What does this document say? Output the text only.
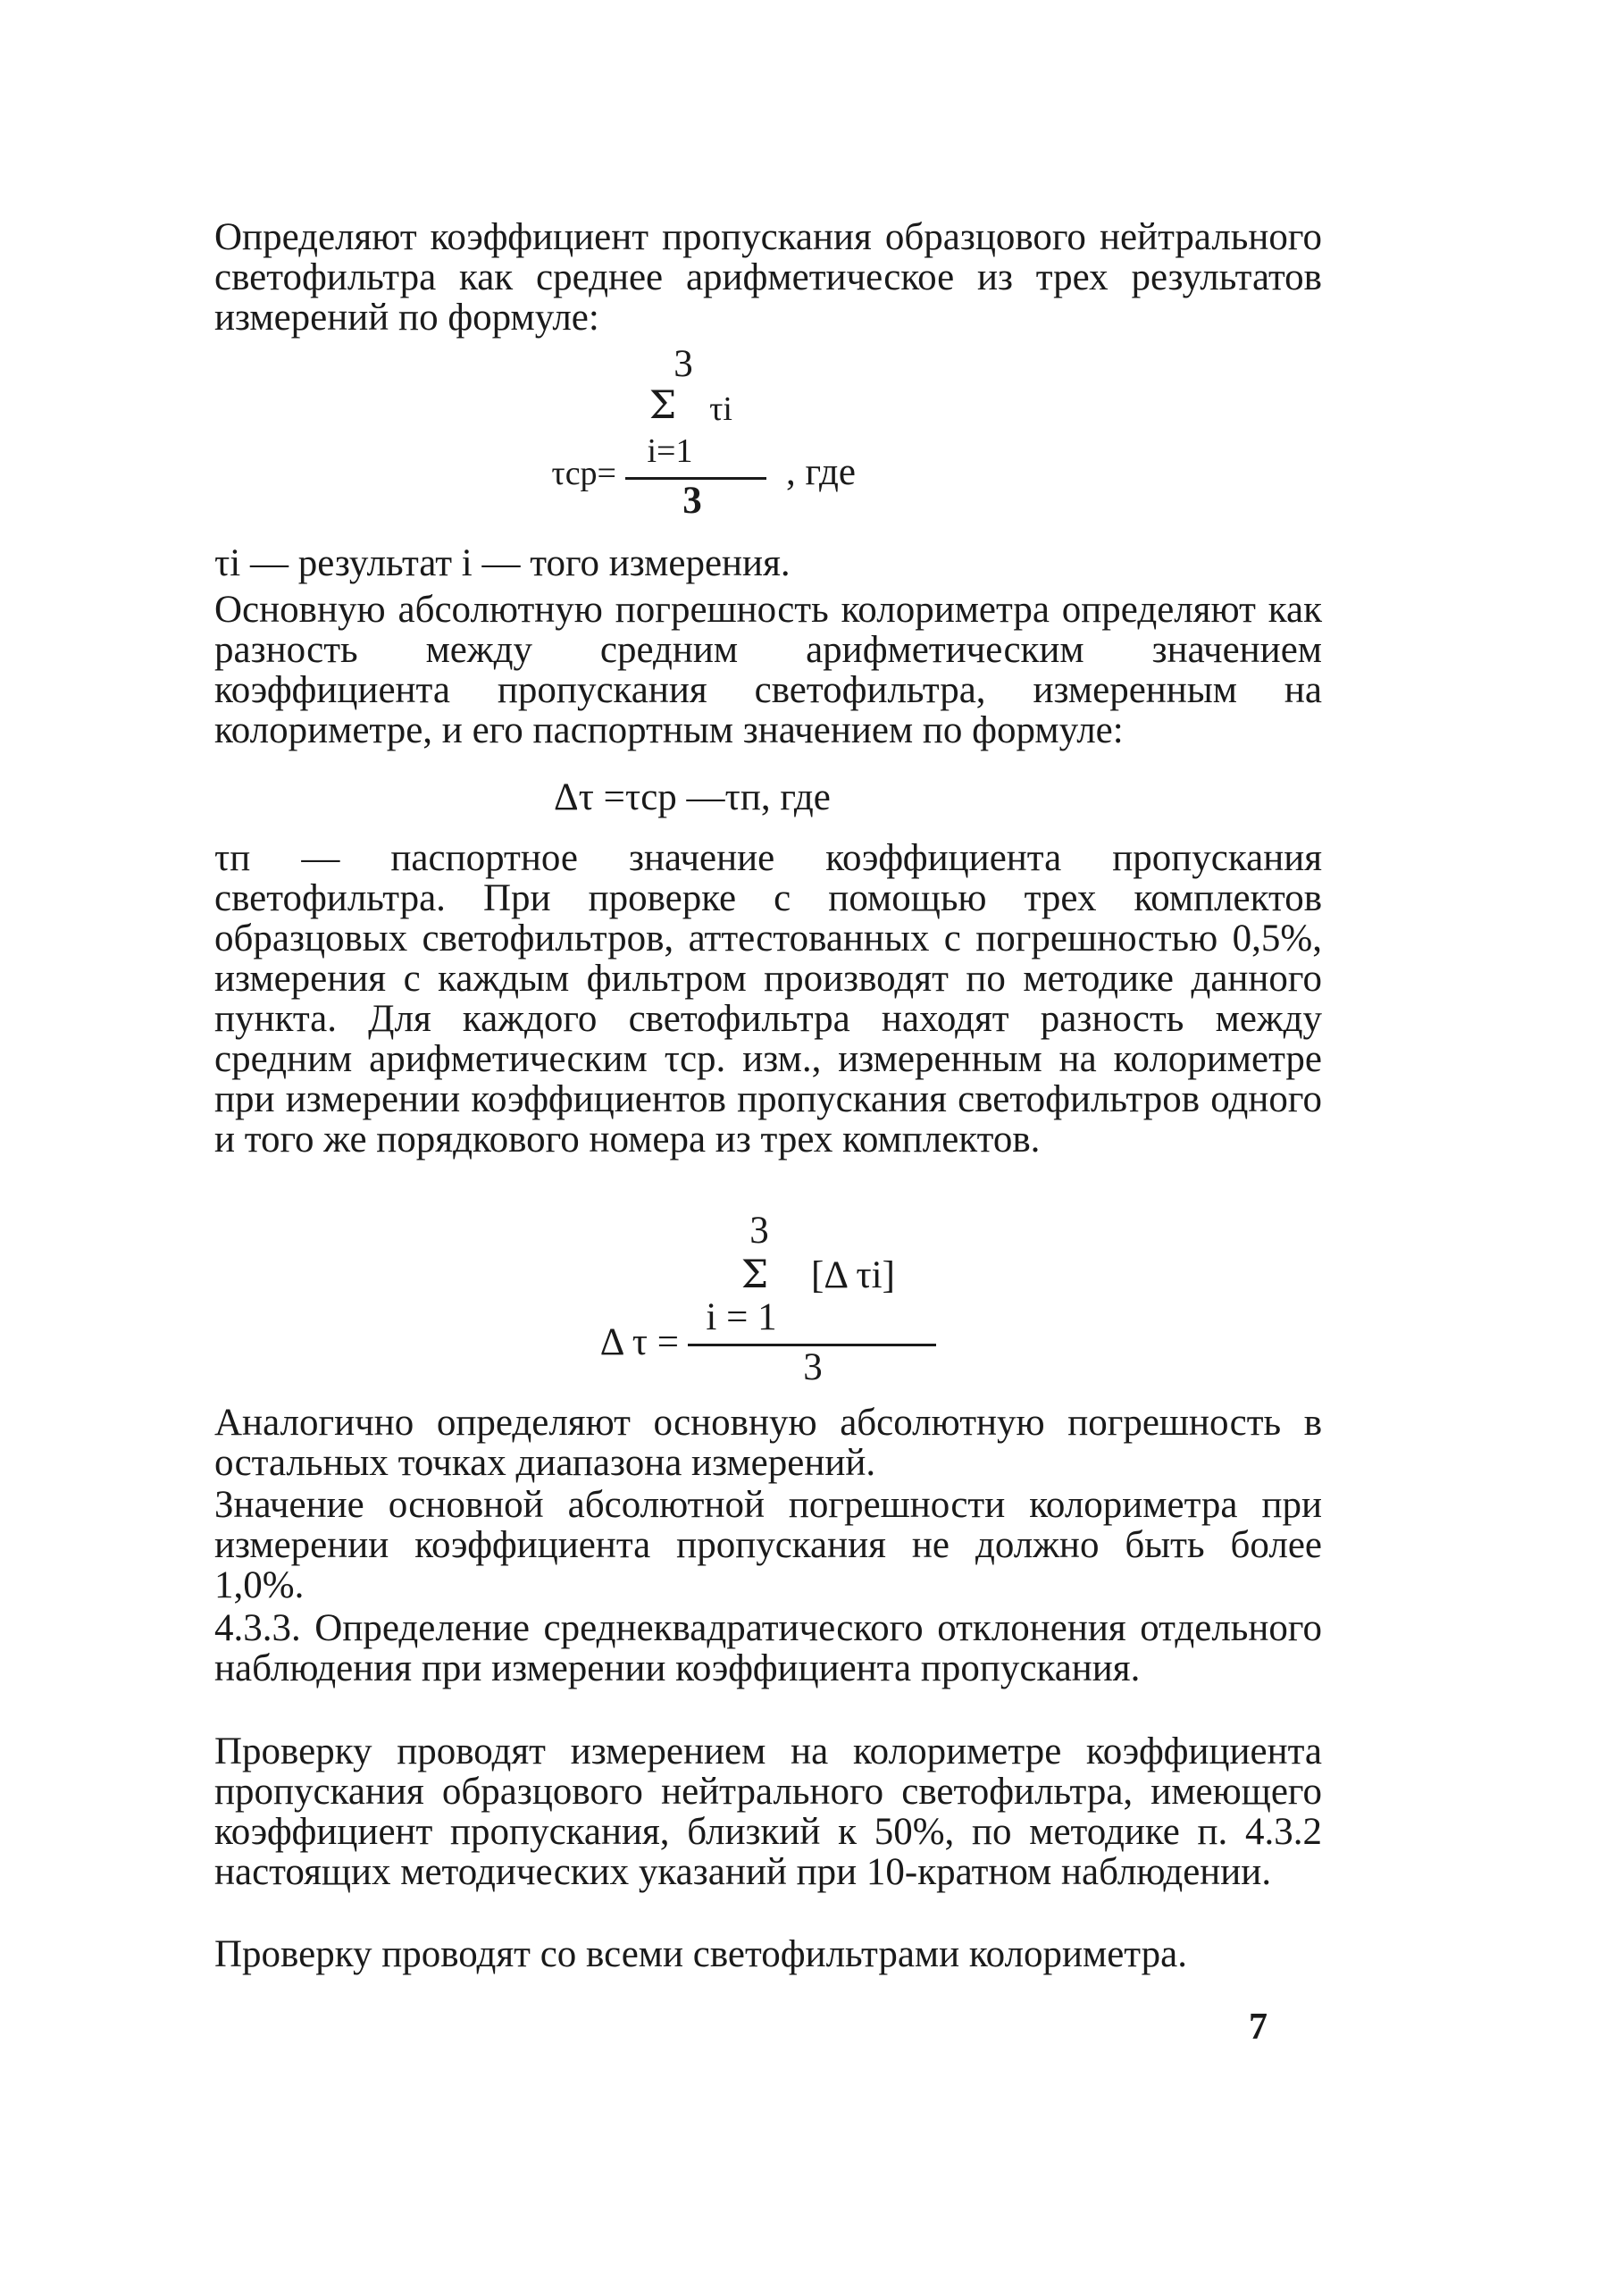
Определяют коэффициент пропускания образцового нейтрального светофильтра как среднее арифметическое из трех результатов измерений по формуле:

3
Σ τi
i=1
τcp=
3
, где

τi — результат i — того измерения.

Основную абсолютную погрешность колориметра определяют как разность между средним арифметическим значением коэффициента пропускания светофильтра, измеренным на колориметре, и его паспортным значением по формуле:

Δτ =τcp —τп, где

τп — паспортное значение коэффициента пропускания светофильтра. При проверке с помощью трех комплектов образцовых светофильтров, аттестованных с погрешностью 0,5%, измерения с каждым фильтром производят по методике данного пункта. Для каждого светофильтра находят разность между средним арифметическим τср. изм., измеренным на колориметре при измерении коэффициентов пропускания светофильтров одного и того же порядкового номера из трех комплектов.

3
Σ	[Δ τi]
i = 1
Δ τ =
3

Аналогично определяют основную абсолютную погрешность в остальных точках диапазона измерений.

Значение основной абсолютной погрешности колориметра при измерении коэффициента пропускания не должно быть более 1,0%.

4.3.3. Определение среднеквадратического отклонения отдельного наблюдения при измерении коэффициента пропускания.

Проверку проводят измерением на колориметре коэффициента пропускания образцового нейтрального светофильтра, имеющего коэффициент пропускания, близкий к 50%, по методике п. 4.3.2 настоящих методических указаний при 10-кратном наблюдении.

Проверку проводят со всеми светофильтрами колориметра.

7
